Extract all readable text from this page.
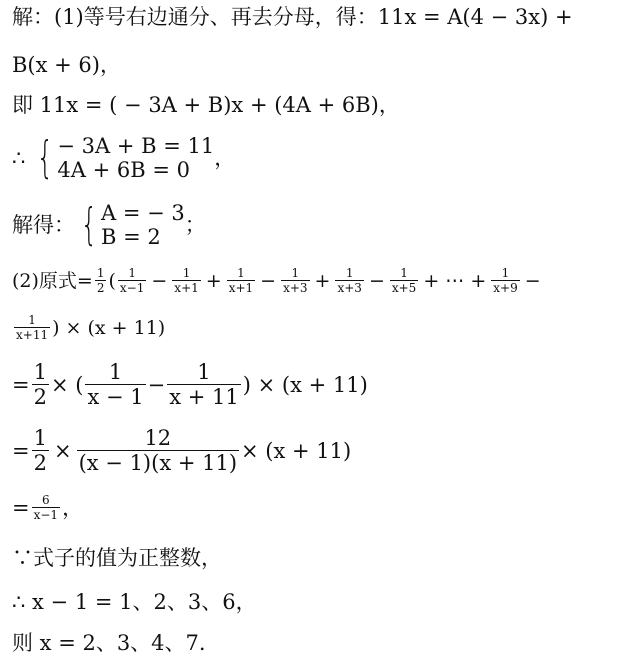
解：(1)等号右边通分、再去分母，得：11x = A(4 − 3x) +
B(x + 6)，
即 11x = ( − 3A + B)x + (4A + 6B)，
∴ { − 3A + B = 11
4A + 6B = 0	，
解得： { A = − 3
B = 2	；
(2)原式= 1
2 ( 1
x−1 − 1
x+1 + 1
x+1 − 1
x+3 + 1
x+3 − 1
x+5 + ⋯ + 1
x+9 −
1
x+11 ) × (x + 11)
=
1
2
× (
1
x − 1
−
1
x + 11
) × (x + 11)
=
1
2
×
12
(x − 1)(x + 11)
× (x + 11)
= 6
x−1 ，
∵式子的值为正整数，
∴ x − 1 = 1、2、3、6，
则 x = 2、3、4、7.
